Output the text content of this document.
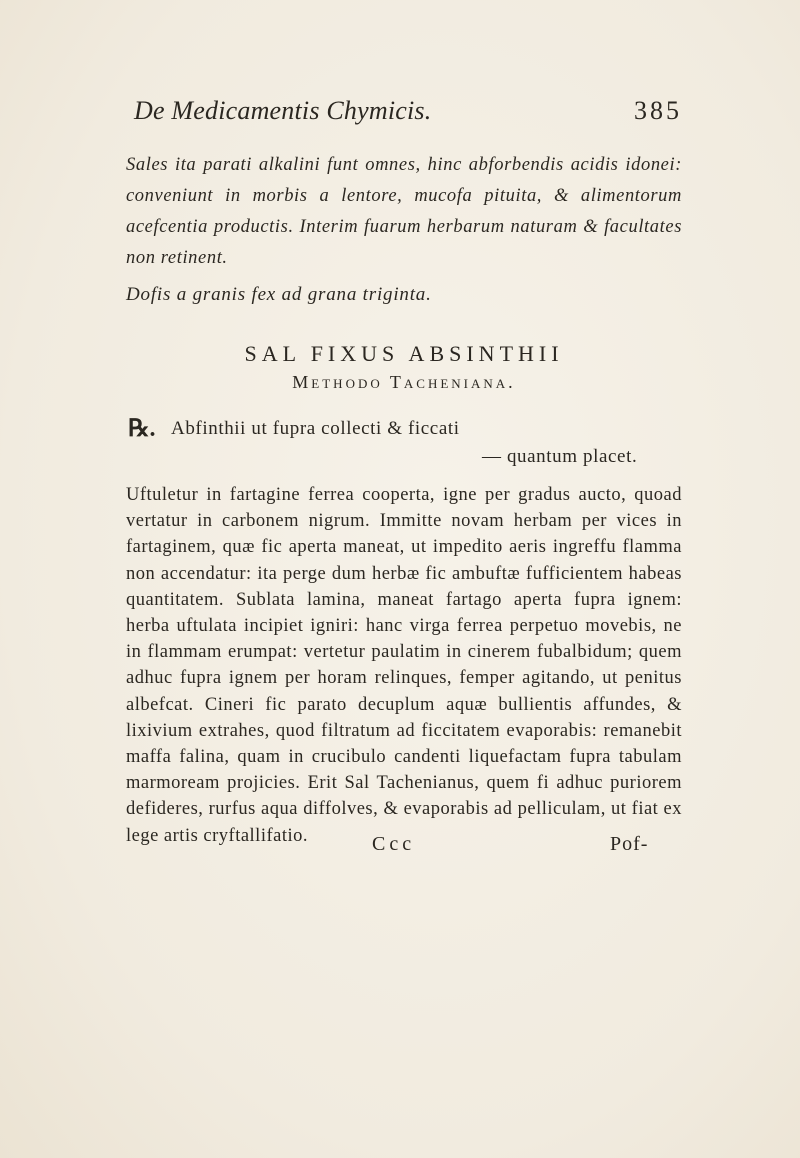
De Medicamentis Chymicis.	385
Sales ita parati alkalini funt omnes, hinc abforbendis acidis idonei: conveniunt in morbis a lentore, mucofa pituita, & alimentorum acefcentia productis. Interim fuarum herbarum naturam & facultates non retinent.
Dofis a granis fex ad grana triginta.
SAL FIXUS ABSINTHII
Methodo Tacheniana.
℞. Abfinthii ut fupra collecti & ficcati
— quantum placet.
Uftuletur in fartagine ferrea cooperta, igne per gradus aucto, quoad vertatur in carbonem nigrum. Immitte novam herbam per vices in fartaginem, quæ fic aperta maneat, ut impedito aeris ingreffu flamma non accendatur: ita perge dum herbæ fic ambuftæ fufficientem habeas quantitatem. Sublata lamina, maneat fartago aperta fupra ignem: herba uftulata incipiet igniri: hanc virga ferrea perpetuo movebis, ne in flammam erumpat: vertetur paulatim in cinerem fubalbidum; quem adhuc fupra ignem per horam relinques, femper agitando, ut penitus albefcat. Cineri fic parato decuplum aquæ bullientis affundes, & lixivium extrahes, quod filtratum ad ficcitatem evaporabis: remanebit maffa falina, quam in crucibulo candenti liquefactam fupra tabulam marmoream projicies. Erit Sal Tachenianus, quem fi adhuc puriorem defideres, rurfus aqua diffolves, & evaporabis ad pelliculam, ut fiat ex lege artis cryftallifatio.	Ccc	Pof-
